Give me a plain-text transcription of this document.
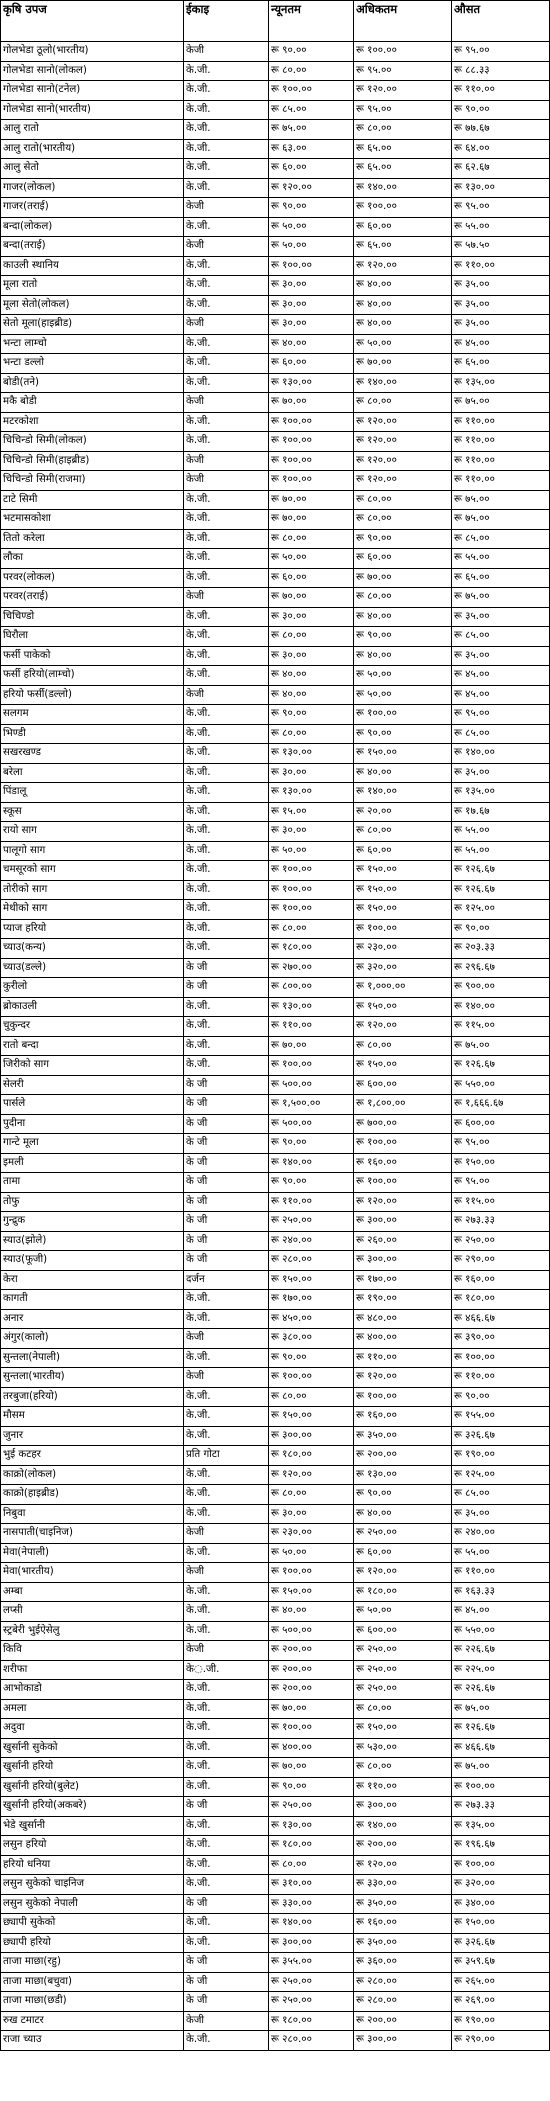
कृषि उपज	ईकाइ	न्यूनतम	अधिकतम	औसत
गोलभेडा ठूलो(भारतीय)	केजी	रू ९०.००	रू १००.००	रू ९५.००
गोलभेडा सानो(लोकल)	के.जी.	रू ८०.००	रू ९५.००	रू ८८.३३
गोलभेडा सानो(टनेल)	के.जी.	रू १००.००	रू १२०.००	रू ११०.००
गोलभेडा सानो(भारतीय)	के.जी.	रू ८५.००	रू ९५.००	रू ९०.००
आलु रातो	के.जी.	रू ७५.००	रू ८०.००	रू ७७.६७
आलु रातो(भारतीय)	के.जी.	रू ६३.००	रू ६५.००	रू ६४.००
आलु सेतो	के.जी.	रू ६०.००	रू ६५.००	रू ६२.६७
गाजर(लोकल)	के.जी.	रू १२०.००	रू १४०.००	रू १३०.००
गाजर(तराई)	केजी	रू ९०.००	रू १००.००	रू ९५.००
बन्दा(लोकल)	के.जी.	रू ५०.००	रू ६०.००	रू ५५.००
बन्दा(तराई)	केजी	रू ५०.००	रू ६५.००	रू ५७.५०
काउली स्थानिय	के.जी.	रू १००.००	रू १२०.००	रू ११०.००
मूला रातो	के.जी.	रू ३०.००	रू ४०.००	रू ३५.००
मूला सेतो(लोकल)	के.जी.	रू ३०.००	रू ४०.००	रू ३५.००
सेतो मूला(हाइब्रीड)	केजी	रू ३०.००	रू ४०.००	रू ३५.००
भन्टा लाम्चो	के.जी.	रू ४०.००	रू ५०.००	रू ४५.००
भन्टा डल्लो	के.जी.	रू ६०.००	रू ७०.००	रू ६५.००
बोडी(तने)	के.जी.	रू १३०.००	रू १४०.००	रू १३५.००
मकै बोडी	केजी	रू ७०.००	रू ८०.००	रू ७५.००
मटरकोशा	के.जी.	रू १००.००	रू १२०.००	रू ११०.००
चिचिन्डो सिमी(लोकल)	के.जी.	रू १००.००	रू १२०.००	रू ११०.००
चिचिन्डो सिमी(हाइब्रीड)	केजी	रू १००.००	रू १२०.००	रू ११०.००
चिचिन्डो सिमी(राजमा)	केजी	रू १००.००	रू १२०.००	रू ११०.००
टाटे सिमी	के.जी.	रू ७०.००	रू ८०.००	रू ७५.००
भटमासकोशा	के.जी.	रू ७०.००	रू ८०.००	रू ७५.००
तितो करेला	के.जी.	रू ८०.००	रू ९०.००	रू ८५.००
लौका	के.जी.	रू ५०.००	रू ६०.००	रू ५५.००
परवर(लोकल)	के.जी.	रू ६०.००	रू ७०.००	रू ६५.००
परवर(तराई)	केजी	रू ७०.००	रू ८०.००	रू ७५.००
चिचिण्डो	के.जी.	रू ३०.००	रू ४०.००	रू ३५.००
घिरौला	के.जी.	रू ८०.००	रू ९०.००	रू ८५.००
फर्सी पाकेको	के.जी.	रू ३०.००	रू ४०.००	रू ३५.००
फर्सी हरियो(लाम्चो)	के.जी.	रू ४०.००	रू ५०.००	रू ४५.००
हरियो फर्सी(डल्लो)	केजी	रू ४०.००	रू ५०.००	रू ४५.००
सलगम	के.जी.	रू ९०.००	रू १००.००	रू ९५.००
भिण्डी	के.जी.	रू ८०.००	रू ९०.००	रू ८५.००
सखरखण्ड	के.जी.	रू १३०.००	रू १५०.००	रू १४०.००
बरेला	के.जी.	रू ३०.००	रू ४०.००	रू ३५.००
पिंडालू	के.जी.	रू १३०.००	रू १४०.००	रू १३५.००
स्कूस	के.जी.	रू १५.००	रू २०.००	रू १७.६७
रायो साग	के.जी.	रू ३०.००	रू ८०.००	रू ५५.००
पालूगो साग	के.जी.	रू ५०.००	रू ६०.००	रू ५५.००
चमसूरको साग	के.जी.	रू १००.००	रू १५०.००	रू १२६.६७
तोरीको साग	के.जी.	रू १००.००	रू १५०.००	रू १२६.६७
मेथीको साग	के.जी.	रू १००.००	रू १५०.००	रू १२५.००
प्याज हरियो	के.जी.	रू ८०.००	रू १००.००	रू ९०.००
च्याउ(कन्य)	के.जी.	रू १८०.००	रू २३०.००	रू २०३.३३
च्याउ(डल्ले)	के जी	रू २७०.००	रू ३२०.००	रू २९६.६७
कुरीलो	के जी	रू ८००.००	रू १,०००.००	रू ९००.००
ब्रोकाउली	के.जी.	रू १३०.००	रू १५०.००	रू १४०.००
चुकुन्दर	के.जी.	रू ११०.००	रू १२०.००	रू ११५.००
रातो बन्दा	के.जी.	रू ७०.००	रू ८०.००	रू ७५.००
जिरीको साग	के.जी.	रू १००.००	रू १५०.००	रू १२६.६७
सेलरी	के जी	रू ५००.००	रू ६००.००	रू ५५०.००
पार्सले	के जी	रू १,५००.००	रू १,८००.००	रू १,६६६.६७
पुदीना	के जी	रू ५००.००	रू ७००.००	रू ६००.००
गान्टे मूला	के जी	रू ९०.००	रू १००.००	रू ९५.००
इमली	के जी	रू १४०.००	रू १६०.००	रू १५०.००
तामा	के जी	रू ९०.००	रू १००.००	रू ९५.००
तोफु	के जी	रू ११०.००	रू १२०.००	रू ११५.००
गुन्द्रुक	के जी	रू २५०.००	रू ३००.००	रू २७३.३३
स्याउ(झोले)	के जी	रू २४०.००	रू २६०.००	रू २५०.००
स्याउ(फूजी)	के जी	रू २८०.००	रू ३००.००	रू २९०.००
केरा	दर्जन	रू १५०.००	रू १७०.००	रू १६०.००
कागती	के.जी.	रू १७०.००	रू १९०.००	रू १८०.००
अनार	के.जी.	रू ४५०.००	रू ४८०.००	रू ४६६.६७
अंगुर(कालो)	केजी	रू ३८०.००	रू ४००.००	रू ३९०.००
सुन्तला(नेपाली)	के.जी.	रू ९०.००	रू ११०.००	रू १००.००
सुन्तला(भारतीय)	केजी	रू १००.००	रू १२०.००	रू ११०.००
तरबुजा(हरियो)	के.जी.	रू ८०.००	रू १००.००	रू ९०.००
मौसम	के.जी.	रू १५०.००	रू १६०.००	रू १५५.००
जुनार	के.जी.	रू ३००.००	रू ३५०.००	रू ३२६.६७
भुई कटहर	प्रति गोटा	रू १८०.००	रू २००.००	रू १९०.००
काक्रो(लोकल)	के.जी.	रू १२०.००	रू १३०.००	रू १२५.००
काक्रो(हाइब्रीड)	के.जी.	रू ८०.००	रू ९०.००	रू ८५.००
निबुवा	के.जी.	रू ३०.००	रू ४०.००	रू ३५.००
नासपाती(चाइनिज)	केजी	रू २३०.००	रू २५०.००	रू २४०.००
मेवा(नेपाली)	के.जी.	रू ५०.००	रू ६०.००	रू ५५.००
मेवा(भारतीय)	केजी	रू १००.००	रू १२०.००	रू ११०.००
अम्बा	के.जी.	रू १५०.००	रू १८०.००	रू १६३.३३
लप्सी	के.जी.	रू ४०.००	रू ५०.००	रू ४५.००
स्ट्रबेरी भुईऐसेलु	के.जी.	रू ५००.००	रू ६००.००	रू ५५०.००
किवि	केजी	रू २००.००	रू २५०.००	रू २२६.६७
शरीफा	के◌.जी.	रू २००.००	रू २५०.००	रू २२५.००
आभोकाडो	के.जी.	रू २००.००	रू २५०.००	रू २२६.६७
अमला	के.जी.	रू ७०.००	रू ८०.००	रू ७५.००
अदुवा	के.जी.	रू १००.००	रू १५०.००	रू १२६.६७
खुर्सानी सुकेको	के.जी.	रू ४००.००	रू ५३०.००	रू ४६६.६७
खुर्सानी हरियो	के.जी.	रू ७०.००	रू ८०.००	रू ७५.००
खुर्सानी हरियो(बुलेट)	के.जी.	रू ९०.००	रू ११०.००	रू १००.००
खुर्सानी हरियो(अकबरे)	के जी	रू २५०.००	रू ३००.००	रू २७३.३३
भेडे खुर्सानी	के.जी.	रू १३०.००	रू १४०.००	रू १३५.००
लसुन हरियो	के.जी.	रू १८०.००	रू २००.००	रू १९६.६७
हरियो धनिया	के.जी.	रू ८०.००	रू १२०.००	रू १००.००
लसुन सुकेको चाइनिज	के.जी.	रू ३१०.००	रू ३३०.००	रू ३२०.००
लसुन सुकेको नेपाली	के जी	रू ३३०.००	रू ३५०.००	रू ३४०.००
छ्यापी सुकेको	के.जी.	रू १४०.००	रू १६०.००	रू १५०.००
छ्यापी हरियो	के.जी.	रू ३००.००	रू ३५०.००	रू ३२६.६७
ताजा माछा(रहु)	के जी	रू ३५५.००	रू ३६०.००	रू ३५९.६७
ताजा माछा(बचुवा)	के जी	रू २५०.००	रू २८०.००	रू २६५.००
ताजा माछा(छडी)	के जी	रू २५०.००	रू २८०.००	रू २६९.००
रुख टमाटर	केजी	रू १८०.००	रू २००.००	रू १९०.००
राजा च्याउ	के.जी.	रू २८०.००	रू ३००.००	रू २९०.००
